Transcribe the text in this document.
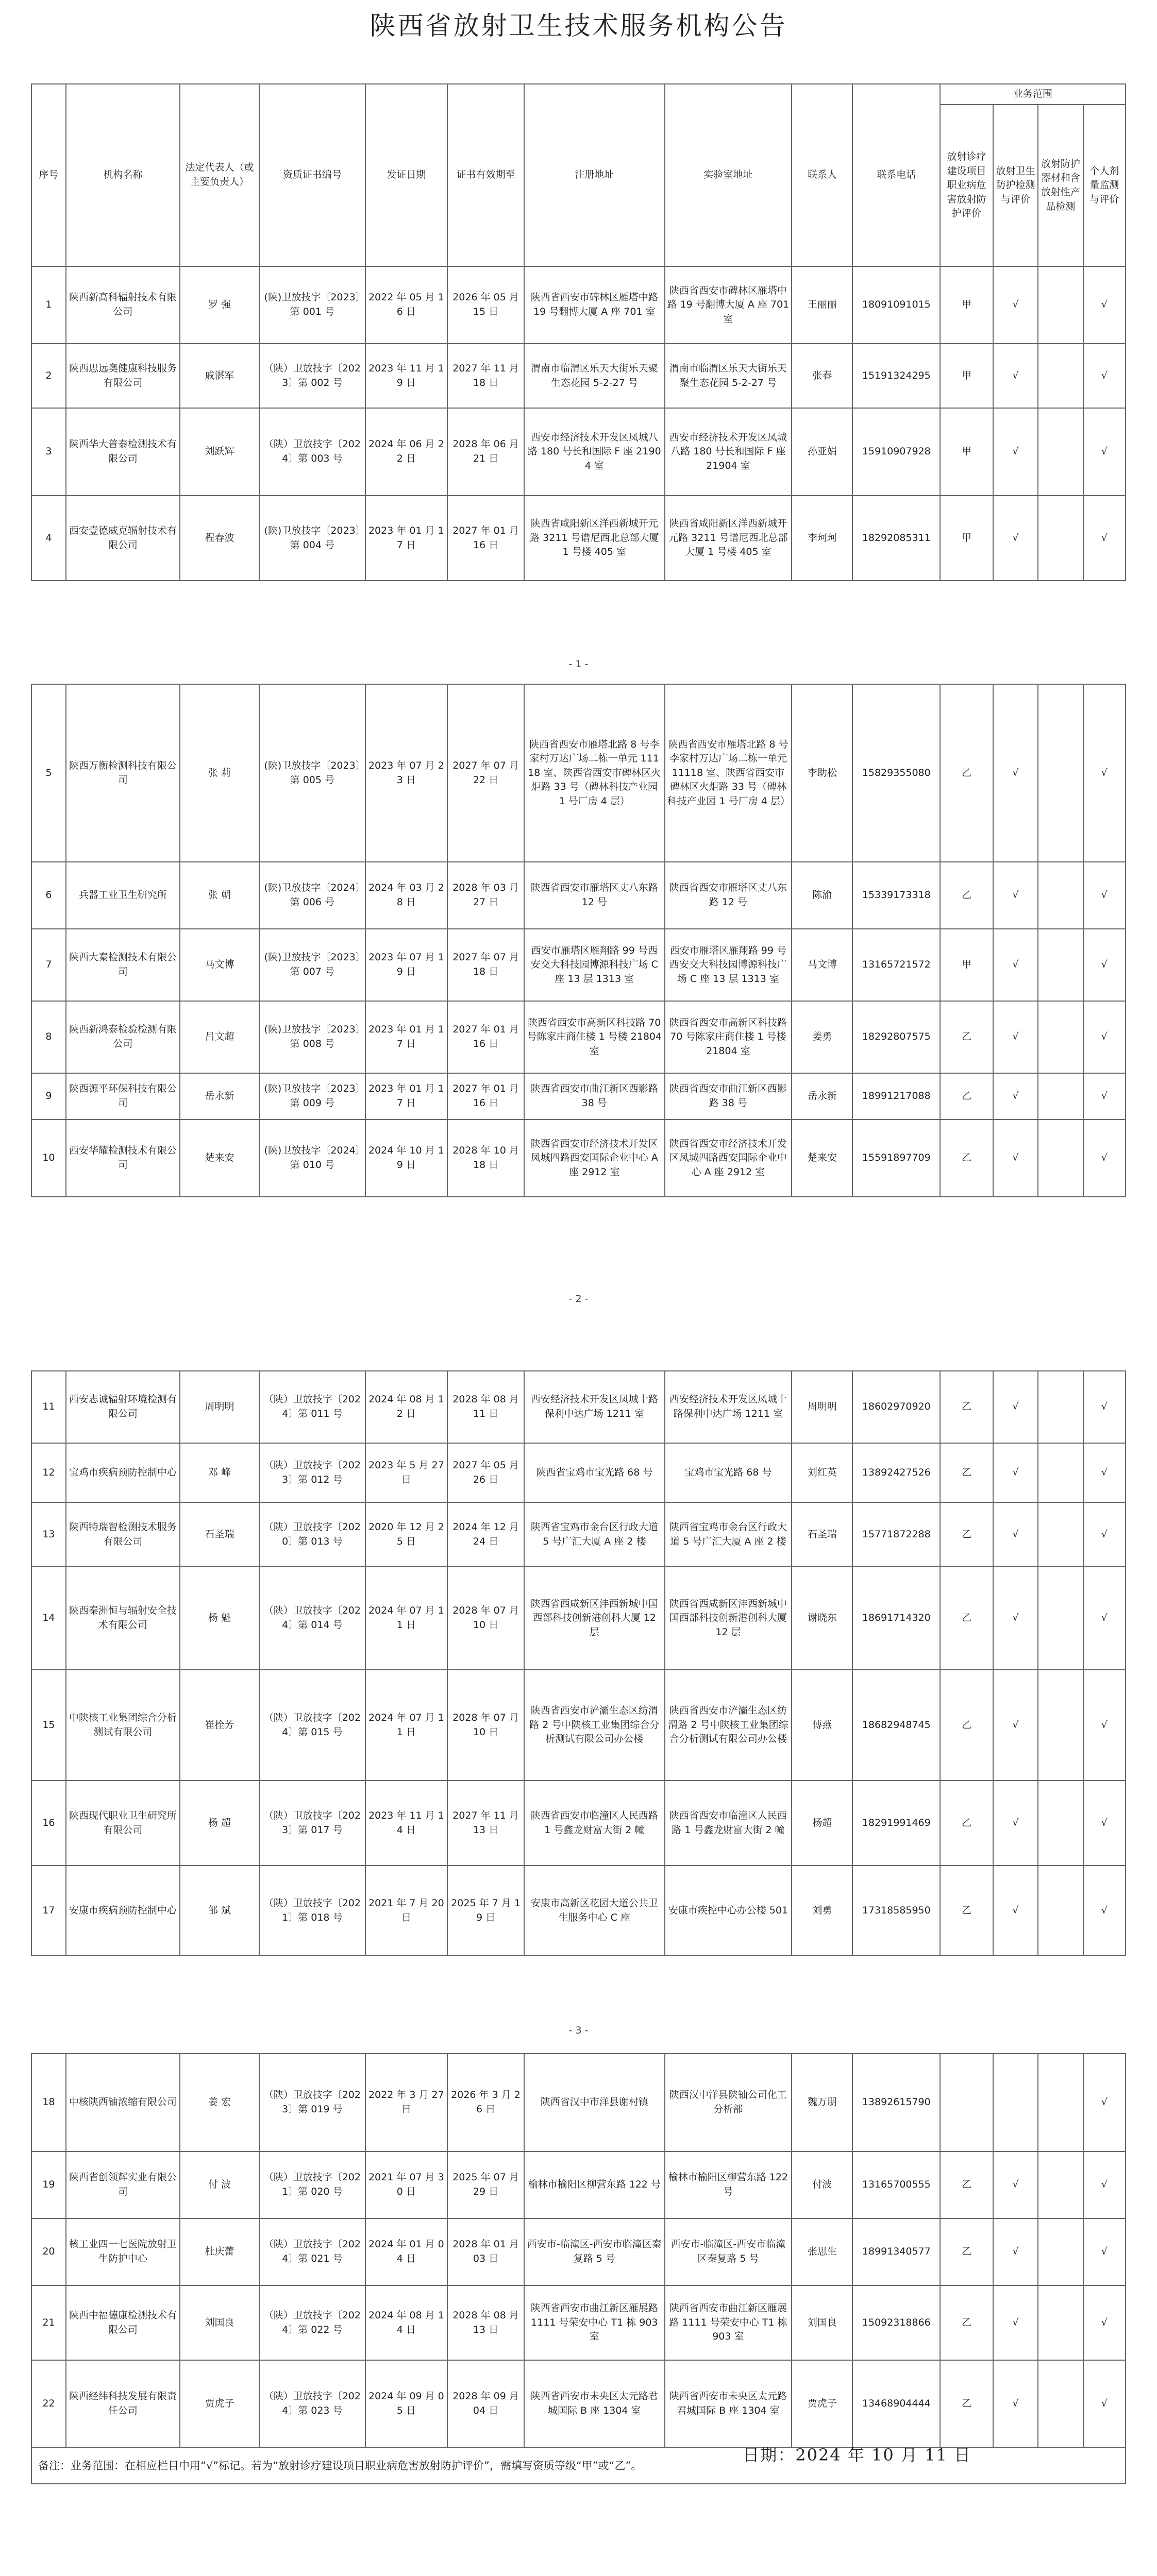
陕西省放射卫生技术服务机构公告
序号	机构名称	法定代表人（或主要负责人）	资质证书编号	发证日期	证书有效期至	注册地址	实验室地址	联系人	联系电话	业务范围			
										放射诊疗建设项目职业病危害放射防护评价	放射卫生防护检测与评价	放射防护器材和含放射性产品检测	个人剂量监测与评价
1	陕西新高科辐射技术有限公司	罗 强	(陕)卫放技字〔2023〕第 001 号	2022 年 05 月 16 日	2026 年 05 月 15 日	陕西省西安市碑林区雁塔中路 19 号翻博大厦 A 座 701 室	陕西省西安市碑林区雁塔中路 19 号翻博大厦 A 座 701 室	王丽丽	18091091015	甲	√		√
2	陕西思远奥健康科技服务有限公司	戚湛军	（陕）卫放技字〔2023〕第 002 号	2023 年 11 月 19 日	2027 年 11 月 18 日	渭南市临渭区乐天大街乐天聚生态花园 5-2-27 号	渭南市临渭区乐天大街乐天聚生态花园 5-2-27 号	张春	15191324295	甲	√		√
3	陕西华大普泰检测技术有限公司	刘跃辉	（陕）卫放技字〔2024〕第 003 号	2024 年 06 月 22 日	2028 年 06 月 21 日	西安市经济技术开发区凤城八路 180 号长和国际 F 座 21904 室	西安市经济技术开发区凤城八路 180 号长和国际 F 座 21904 室	孙亚娟	15910907928	甲	√		√
4	西安壹德威克辐射技术有限公司	程春波	(陕)卫放技字〔2023〕第 004 号	2023 年 01 月 17 日	2027 年 01 月 16 日	陕西省咸阳新区洋西新城开元路 3211 号谱尼西北总部大厦 1 号楼 405 室	陕西省咸阳新区洋西新城开元路 3211 号谱尼西北总部大厦 1 号楼 405 室	李珂珂	18292085311	甲	√		√
- 1 -
5	陕西万衡检测科技有限公司	张 莉	(陕)卫放技字〔2023〕第 005 号	2023 年 07 月 23 日	2027 年 07 月 22 日	陕西省西安市雁塔北路 8 号李家村万达广场二栋一单元 11118 室、陕西省西安市碑林区火炬路 33 号（碑林科技产业园 1 号厂房 4 层）	陕西省西安市雁塔北路 8 号李家村万达广场二栋一单元 11118 室、陕西省西安市碑林区火炬路 33 号（碑林科技产业园 1 号厂房 4 层）	李助松	15829355080	乙	√		√
6	兵器工业卫生研究所	张 朝	(陕)卫放技字〔2024〕第 006 号	2024 年 03 月 28 日	2028 年 03 月 27 日	陕西省西安市雁塔区丈八东路 12 号	陕西省西安市雁塔区丈八东路 12 号	陈渝	15339173318	乙	√		√
7	陕西大秦检测技术有限公司	马文博	(陕)卫放技字〔2023〕第 007 号	2023 年 07 月 19 日	2027 年 07 月 18 日	西安市雁塔区雁翔路 99 号西安交大科技园博源科技广场 C 座 13 层 1313 室	西安市雁塔区雁翔路 99 号西安交大科技园博源科技广场 C 座 13 层 1313 室	马文博	13165721572	甲	√		√
8	陕西新鸿泰检验检测有限公司	吕文超	(陕)卫放技字〔2023〕第 008 号	2023 年 01 月 17 日	2027 年 01 月 16 日	陕西省西安市高新区科技路 70 号陈家庄商住楼 1 号楼 21804 室	陕西省西安市高新区科技路 70 号陈家庄商住楼 1 号楼 21804 室	姜勇	18292807575	乙	√		√
9	陕西源平环保科技有限公司	岳永新	(陕)卫放技字〔2023〕第 009 号	2023 年 01 月 17 日	2027 年 01 月 16 日	陕西省西安市曲江新区西影路 38 号	陕西省西安市曲江新区西影路 38 号	岳永新	18991217088	乙	√		√
10	西安华耀检测技术有限公司	楚来安	(陕)卫放技字〔2024〕第 010 号	2024 年 10 月 19 日	2028 年 10 月 18 日	陕西省西安市经济技术开发区凤城四路西安国际企业中心 A 座 2912 室	陕西省西安市经济技术开发区凤城四路西安国际企业中心 A 座 2912 室	楚来安	15591897709	乙	√		√
- 2 -
11	西安志诚辐射环境检测有限公司	周明明	（陕）卫放技字〔2024〕第 011 号	2024 年 08 月 12 日	2028 年 08 月 11 日	西安经济技术开发区凤城十路保利中达广场 1211 室	西安经济技术开发区凤城十路保利中达广场 1211 室	周明明	18602970920	乙	√		√
12	宝鸡市疾病预防控制中心	邓 峰	（陕）卫放技字〔2023〕第 012 号	2023 年 5 月 27 日	2027 年 05 月 26 日	陕西省宝鸡市宝光路 68 号	宝鸡市宝光路 68 号	刘红英	13892427526	乙	√		√
13	陕西特瑞智检测技术服务有限公司	石圣瑞	（陕）卫放技字〔2020〕第 013 号	2020 年 12 月 25 日	2024 年 12 月 24 日	陕西省宝鸡市金台区行政大道 5 号广汇大厦 A 座 2 楼	陕西省宝鸡市金台区行政大道 5 号广汇大厦 A 座 2 楼	石圣瑞	15771872288	乙	√		√
14	陕西秦洲恒与辐射安全技术有限公司	杨 魁	（陕）卫放技字〔2024〕第 014 号	2024 年 07 月 11 日	2028 年 07 月 10 日	陕西省西咸新区沣西新城中国西部科技创新港创科大厦 12 层	陕西省西咸新区沣西新城中国西部科技创新港创科大厦 12 层	谢晓东	18691714320	乙	√		√
15	中陕核工业集团综合分析测试有限公司	崔拴芳	（陕）卫放技字〔2024〕第 015 号	2024 年 07 月 11 日	2028 年 07 月 10 日	陕西省西安市浐灞生态区纺渭路 2 号中陕核工业集团综合分析测试有限公司办公楼	陕西省西安市浐灞生态区纺渭路 2 号中陕核工业集团综合分析测试有限公司办公楼	傅燕	18682948745	乙	√		√
16	陕西现代职业卫生研究所有限公司	杨 超	（陕）卫放技字〔2023〕第 017 号	2023 年 11 月 14 日	2027 年 11 月 13 日	陕西省西安市临潼区人民西路 1 号鑫龙财富大街 2 幢	陕西省西安市临潼区人民西路 1 号鑫龙财富大街 2 幢	杨超	18291991469	乙	√		√
17	安康市疾病预防控制中心	邹 斌	（陕）卫放技字〔2021〕第 018 号	2021 年 7 月 20 日	2025 年 7 月 19 日	安康市高新区花园大道公共卫生服务中心 C 座	安康市疾控中心办公楼 501	刘勇	17318585950	乙	√		√
- 3 -
18	中核陕西铀浓缩有限公司	姜 宏	（陕）卫放技字〔2023〕第 019 号	2022 年 3 月 27 日	2026 年 3 月 26 日	陕西省汉中市洋县谢村镇	陕西汉中洋县陕铀公司化工分析部	魏万朋	13892615790				√
19	陕西省创领辉实业有限公司	付 波	（陕）卫放技字〔2021〕第 020 号	2021 年 07 月 30 日	2025 年 07 月 29 日	榆林市榆阳区柳营东路 122 号	榆林市榆阳区柳营东路 122 号	付波	13165700555	乙	√		√
20	核工业四一七医院放射卫生防护中心	杜庆蕾	（陕）卫放技字〔2024〕第 021 号	2024 年 01 月 04 日	2028 年 01 月 03 日	西安市-临潼区-西安市临潼区秦复路 5 号	西安市-临潼区-西安市临潼区秦复路 5 号	张思生	18991340577	乙	√		√
21	陕西中福德康检测技术有限公司	刘国良	（陕）卫放技字〔2024〕第 022 号	2024 年 08 月 14 日	2028 年 08 月 13 日	陕西省西安市曲江新区雁展路 1111 号荣安中心 T1 栋 903 室	陕西省西安市曲江新区雁展路 1111 号荣安中心 T1 栋 903 室	刘国良	15092318866	乙	√		√
22	陕西经纬科技发展有限责任公司	贾虎子	（陕）卫放技字〔2024〕第 023 号	2024 年 09 月 05 日	2028 年 09 月 04 日	陕西省西安市未央区太元路君城国际 B 座 1304 室	陕西省西安市未央区太元路君城国际 B 座 1304 室	贾虎子	13468904444	乙	√		√
备注：业务范围：在相应栏目中用“√”标记。若为“放射诊疗建设项目职业病危害放射防护评价”，需填写资质等级“甲”或“乙”。													
日期：2024 年 10 月 11 日
